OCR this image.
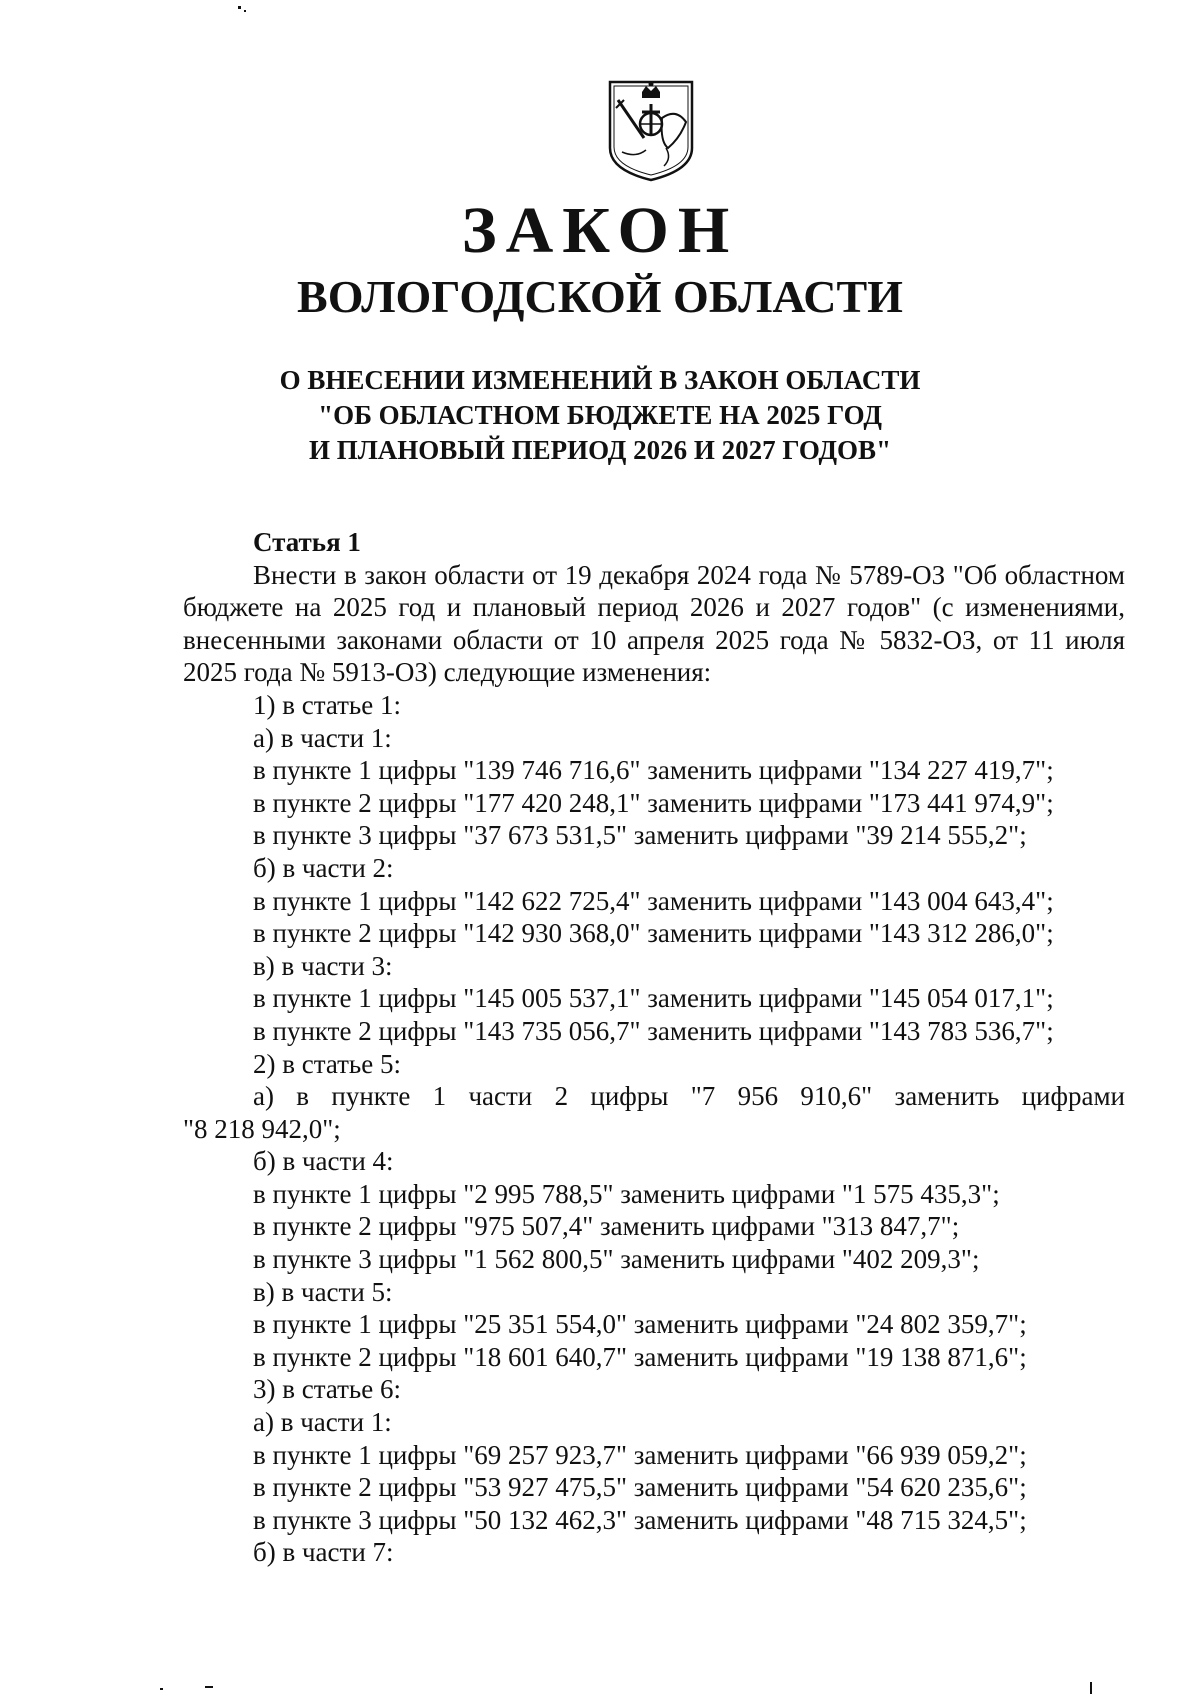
ЗАКОН
ВОЛОГОДСКОЙ ОБЛАСТИ
О ВНЕСЕНИИ ИЗМЕНЕНИЙ В ЗАКОН ОБЛАСТИ
"ОБ ОБЛАСТНОМ БЮДЖЕТЕ НА 2025 ГОД
И ПЛАНОВЫЙ ПЕРИОД 2026 И 2027 ГОДОВ"
Статья 1
Внести в закон области от 19 декабря 2024 года № 5789-ОЗ "Об областном бюджете на 2025 год и плановый период 2026 и 2027 годов" (с изменениями, внесенными законами области от 10 апреля 2025 года № 5832-ОЗ, от 11 июля 2025 года № 5913-ОЗ) следующие изменения:
1) в статье 1:
а) в части 1:
в пункте 1 цифры "139 746 716,6" заменить цифрами "134 227 419,7";
в пункте 2 цифры "177 420 248,1" заменить цифрами "173 441 974,9";
в пункте 3 цифры "37 673 531,5" заменить цифрами "39 214 555,2";
б) в части 2:
в пункте 1 цифры "142 622 725,4" заменить цифрами "143 004 643,4";
в пункте 2 цифры "142 930 368,0" заменить цифрами "143 312 286,0";
в) в части 3:
в пункте 1 цифры "145 005 537,1" заменить цифрами "145 054 017,1";
в пункте 2 цифры "143 735 056,7" заменить цифрами "143 783 536,7";
2) в статье 5:
а) в пункте 1 части 2 цифры "7 956 910,6" заменить цифрами
"8 218 942,0";
б) в части 4:
в пункте 1 цифры "2 995 788,5" заменить цифрами "1 575 435,3";
в пункте 2 цифры "975 507,4" заменить цифрами "313 847,7";
в пункте 3 цифры "1 562 800,5" заменить цифрами "402 209,3";
в) в части 5:
в пункте 1 цифры "25 351 554,0" заменить цифрами "24 802 359,7";
в пункте 2 цифры "18 601 640,7" заменить цифрами "19 138 871,6";
3) в статье 6:
а) в части 1:
в пункте 1 цифры "69 257 923,7" заменить цифрами "66 939 059,2";
в пункте 2 цифры "53 927 475,5" заменить цифрами "54 620 235,6";
в пункте 3 цифры "50 132 462,3" заменить цифрами "48 715 324,5";
б) в части 7:
